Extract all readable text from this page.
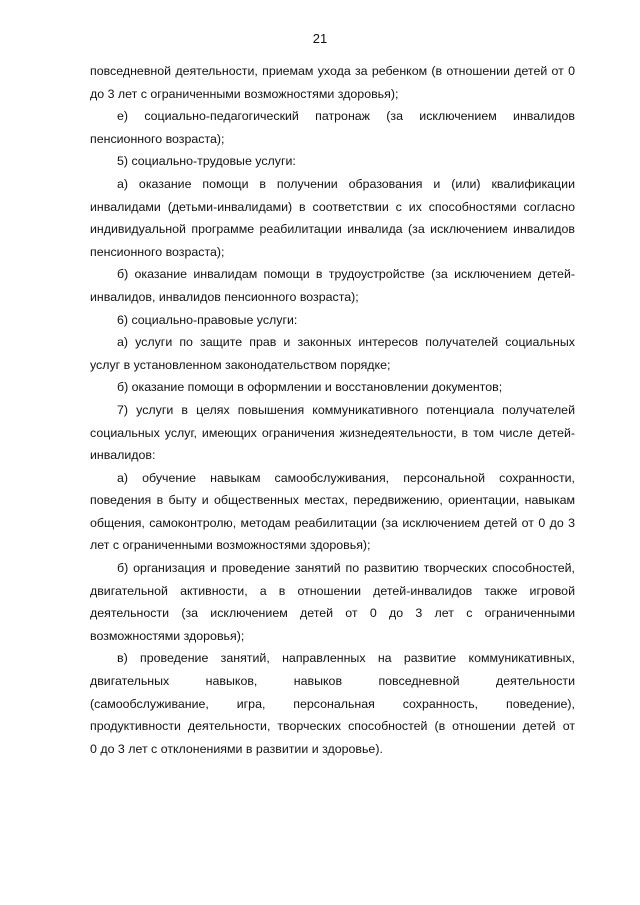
21

повседневной деятельности, приемам ухода за ребенком (в отношении детей от 0 до 3 лет с ограниченными возможностями здоровья);

е) социально-педагогический патронаж (за исключением инвалидов пенсионного возраста);

5) социально-трудовые услуги:

а) оказание помощи в получении образования и (или) квалификации инвалидами (детьми-инвалидами) в соответствии с их способностями согласно индивидуальной программе реабилитации инвалида (за исключением инвалидов пенсионного возраста);

б) оказание инвалидам помощи в трудоустройстве (за исключением детей-инвалидов, инвалидов пенсионного возраста);

6) социально-правовые услуги:

а) услуги по защите прав и законных интересов получателей социальных услуг в установленном законодательством порядке;

б) оказание помощи в оформлении и восстановлении документов;

7) услуги в целях повышения коммуникативного потенциала получателей социальных услуг, имеющих ограничения жизнедеятельности, в том числе детей-инвалидов:

а) обучение навыкам самообслуживания, персональной сохранности, поведения в быту и общественных местах, передвижению, ориентации, навыкам общения, самоконтролю, методам реабилитации (за исключением детей от 0 до 3 лет с ограниченными возможностями здоровья);

б) организация и проведение занятий по развитию творческих способностей, двигательной активности, а в отношении детей-инвалидов также игровой деятельности (за исключением детей от 0 до 3 лет с ограниченными возможностями здоровья);

в) проведение занятий, направленных на развитие коммуникативных,
двигательных навыков, навыков повседневной деятельности
(самообслуживание, игра, персональная сохранность, поведение),
продуктивности деятельности, творческих способностей (в отношении детей от
0 до 3 лет с отклонениями в развитии и здоровье).
